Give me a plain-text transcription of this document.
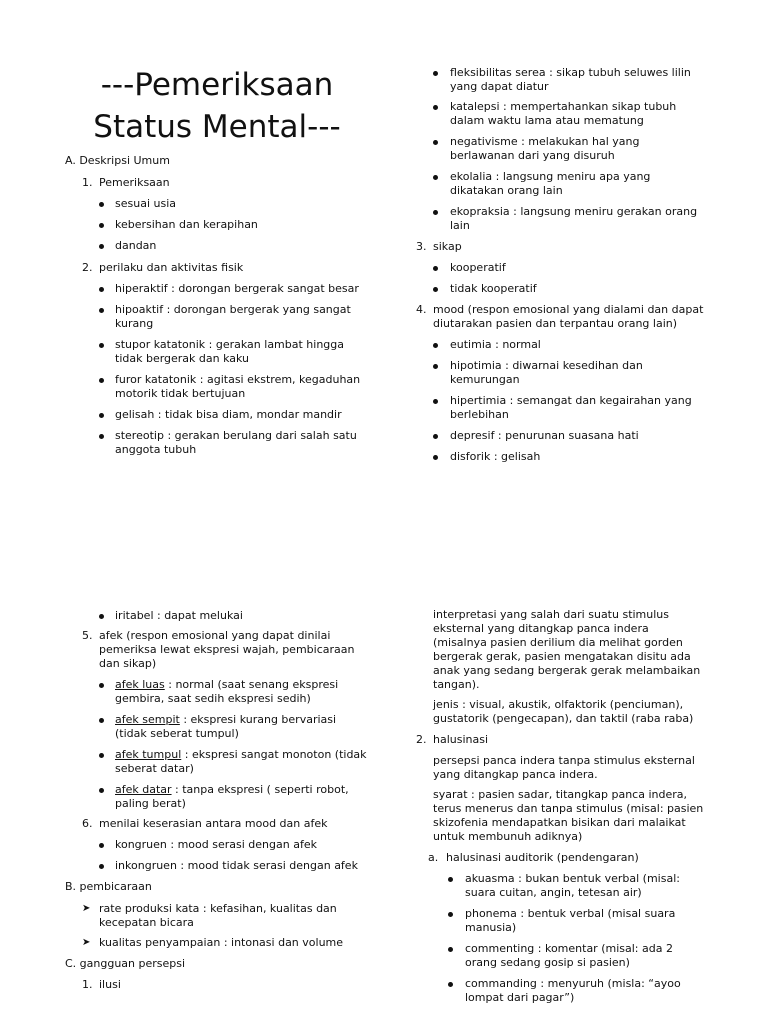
---Pemeriksaan
Status Mental---

A. Deskripsi Umum

1. Pemeriksaan

sesuai usia

kebersihan dan kerapihan

dandan

2. perilaku dan aktivitas fisik

hiperaktif : dorongan bergerak sangat besar

hipoaktif : dorongan bergerak yang sangat

kurang

stupor katatonik : gerakan lambat hingga

tidak bergerak dan kaku

furor katatonik : agitasi ekstrem, kegaduhan

motorik tidak bertujuan

gelisah : tidak bisa diam, mondar mandir

stereotip : gerakan berulang dari salah satu

anggota tubuh

fleksibilitas serea : sikap tubuh seluwes lilin

yang dapat diatur

katalepsi : mempertahankan sikap tubuh

dalam waktu lama atau mematung

negativisme : melakukan hal yang

berlawanan dari yang disuruh

ekolalia : langsung meniru apa yang

dikatakan orang lain

ekopraksia : langsung meniru gerakan orang

lain

3. sikap

kooperatif

tidak kooperatif

4. mood (respon emosional yang dialami dan dapat

diutarakan pasien dan terpantau orang lain)

eutimia : normal

hipotimia : diwarnai kesedihan dan

kemurungan

hipertimia : semangat dan kegairahan yang

berlebihan

depresif : penurunan suasana hati

disforik : gelisah

iritabel : dapat melukai

5. afek (respon emosional yang dapat dinilai

pemeriksa lewat ekspresi wajah, pembicaraan

dan sikap)

afek luas : normal (saat senang ekspresi

gembira, saat sedih ekspresi sedih)

afek sempit : ekspresi kurang bervariasi

(tidak seberat tumpul)

afek tumpul : ekspresi sangat monoton (tidak

seberat datar)

afek datar : tanpa ekspresi ( seperti robot,

paling berat)

6. menilai keserasian antara mood dan afek

kongruen : mood serasi dengan afek

inkongruen : mood tidak serasi dengan afek

B. pembicaraan

➤ rate produksi kata : kefasihan, kualitas dan

kecepatan bicara

➤ kualitas penyampaian : intonasi dan volume

C. gangguan persepsi

1. ilusi

interpretasi yang salah dari suatu stimulus

eksternal yang ditangkap panca indera

(misalnya pasien derilium dia melihat gorden

bergerak gerak, pasien mengatakan disitu ada

anak yang sedang bergerak gerak melambaikan

tangan).

jenis : visual, akustik, olfaktorik (penciuman),

gustatorik (pengecapan), dan taktil (raba raba)

2. halusinasi

persepsi panca indera tanpa stimulus eksternal

yang ditangkap panca indera.

syarat : pasien sadar, titangkap panca indera,

terus menerus dan tanpa stimulus (misal: pasien

skizofenia mendapatkan bisikan dari malaikat

untuk membunuh adiknya)

a. halusinasi auditorik (pendengaran)

akuasma : bukan bentuk verbal (misal:

suara cuitan, angin, tetesan air)

phonema : bentuk verbal (misal suara

manusia)

commenting : komentar (misal: ada 2

orang sedang gosip si pasien)

commanding : menyuruh (misla: “ayoo

lompat dari pagar”)
